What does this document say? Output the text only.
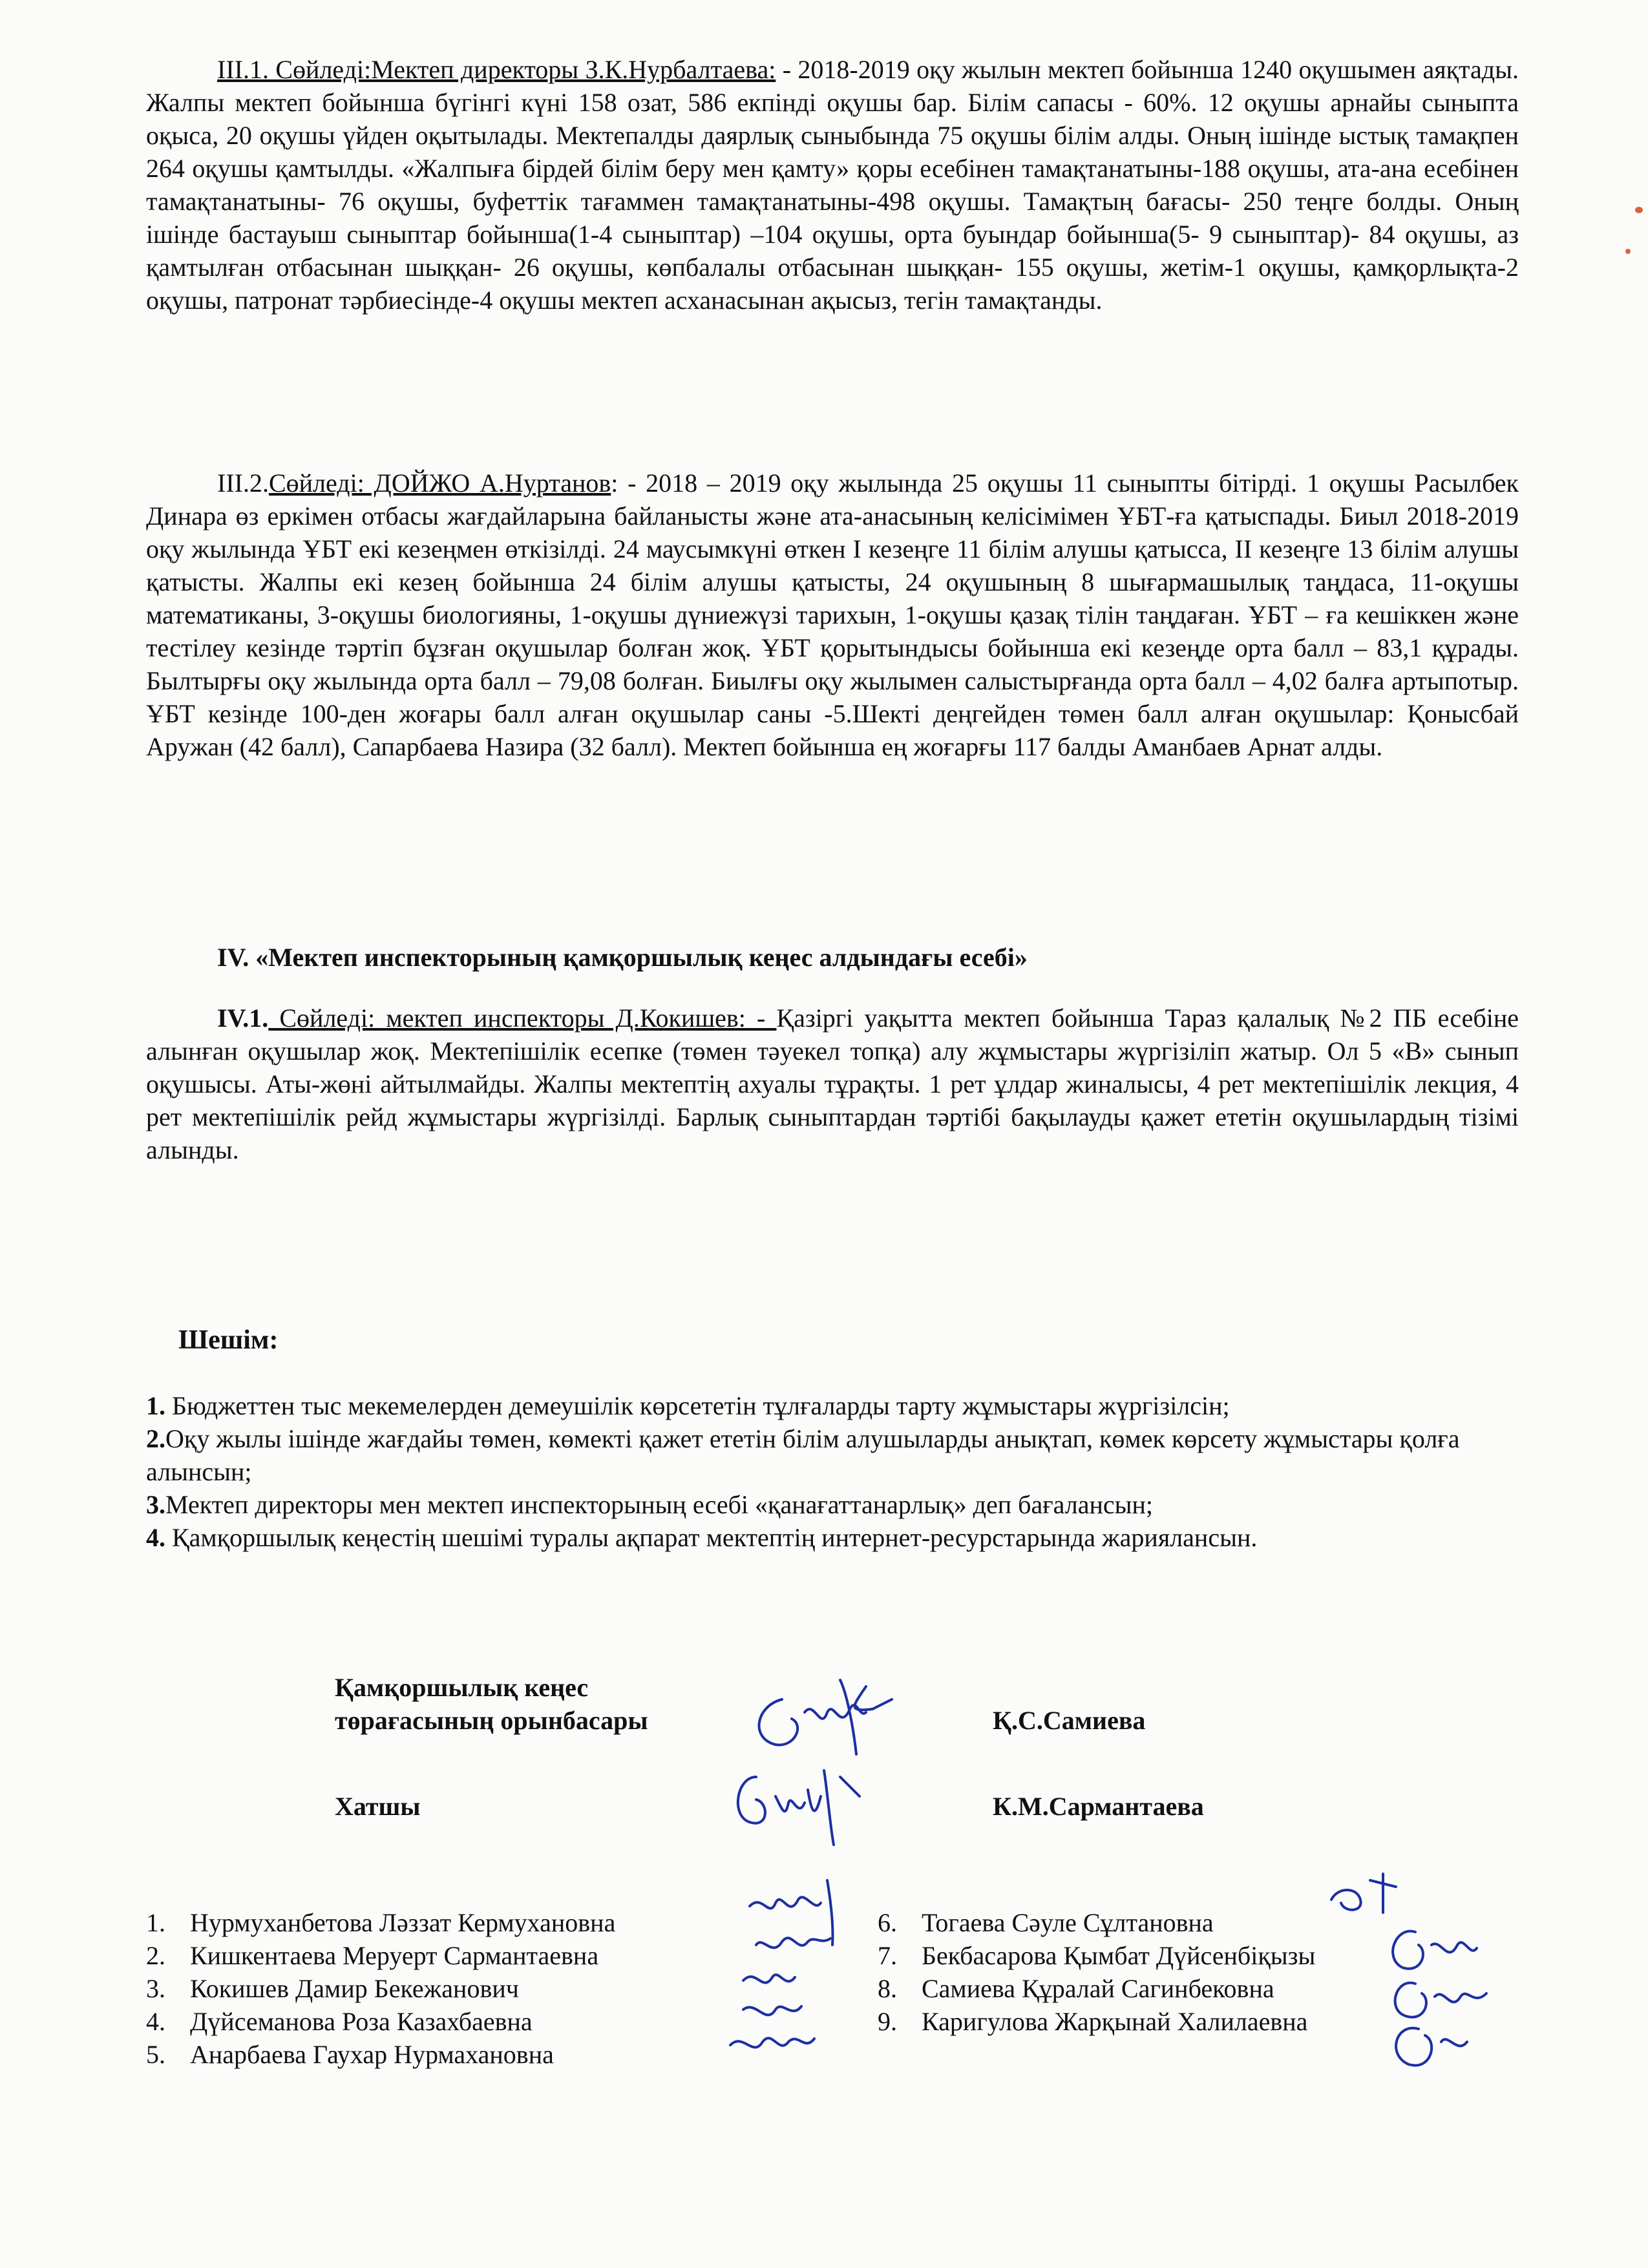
III.1. Сөйледі:Мектеп директоры З.К.Нурбалтаева: - 2018-2019 оқу жылын мектеп бойынша 1240 оқушымен аяқтады. Жалпы мектеп бойынша бүгінгі күні 158 озат, 586 екпінді оқушы бар. Білім сапасы - 60%. 12 оқушы арнайы сыныпта оқыса, 20 оқушы үйден оқытылады. Мектепалды даярлық сыныбында 75 оқушы білім алды. Оның ішінде ыстық тамақпен 264 оқушы қамтылды. «Жалпыға бірдей білім беру мен қамту» қоры есебінен тамақтанатыны-188 оқушы, ата-ана есебінен тамақтанатыны- 76 оқушы, буфеттік тағаммен тамақтанатыны-498 оқушы. Тамақтың бағасы- 250 теңге болды. Оның ішінде бастауыш сыныптар бойынша(1-4 сыныптар) –104 оқушы, орта буындар бойынша(5- 9 сыныптар)- 84 оқушы, аз қамтылған отбасынан шыққан- 26 оқушы, көпбалалы отбасынан шыққан- 155 оқушы, жетім-1 оқушы, қамқорлықта-2 оқушы, патронат тәрбиесінде-4 оқушы мектеп асханасынан ақысыз, тегін тамақтанды.

III.2.Сөйледі: ДОЙЖО А.Нуртанов: - 2018 – 2019 оқу жылында 25 оқушы 11 сыныпты бітірді. 1 оқушы Расылбек Динара өз еркімен отбасы жағдайларына байланысты және ата-анасының келісімімен ҰБТ-ға қатыспады. Биыл 2018-2019 оқу жылында ҰБТ екі кезеңмен өткізілді. 24 маусымкүні өткен I кезеңге 11 білім алушы қатысса, II кезеңге 13 білім алушы қатысты. Жалпы екі кезең бойынша 24 білім алушы қатысты, 24 оқушының 8 шығармашылық таңдаса, 11-оқушы математиканы, 3-оқушы биологияны, 1-оқушы дүниежүзі тарихын, 1-оқушы қазақ тілін таңдаған. ҰБТ – ға кешіккен және тестілеу кезінде тәртіп бұзған оқушылар болған жоқ. ҰБТ қорытындысы бойынша екі кезеңде орта балл – 83,1 құрады. Былтырғы оқу жылында орта балл – 79,08 болған. Биылғы оқу жылымен салыстырғанда орта балл – 4,02 балға артыпотыр. ҰБТ кезінде 100-ден жоғары балл алған оқушылар саны -5.Шекті деңгейден төмен балл алған оқушылар: Қонысбай Аружан (42 балл), Сапарбаева Назира (32 балл). Мектеп бойынша ең жоғарғы 117 балды Аманбаев Арнат алды.

IV. «Мектеп инспекторының қамқоршылық кеңес алдындағы есебі»

IV.1. Сөйледі: мектеп инспекторы Д.Кокишев: - Қазіргі уақытта мектеп бойынша Тараз қалалық №2 ПБ есебіне алынған оқушылар жоқ. Мектепішілік есепке (төмен тәуекел топқа) алу жұмыстары жүргізіліп жатыр. Ол 5 «В» сынып оқушысы. Аты-жөні айтылмайды. Жалпы мектептің ахуалы тұрақты. 1 рет ұлдар жиналысы, 4 рет мектепішілік лекция, 4 рет мектепішілік рейд жұмыстары жүргізілді. Барлық сыныптардан тәртібі бақылауды қажет ететін оқушылардың тізімі алынды.

Шешім:

1. Бюджеттен тыс мекемелерден демеушілік көрсететін тұлғаларды тарту жұмыстары жүргізілсін;
2.Оқу жылы ішінде жағдайы төмен, көмекті қажет ететін білім алушыларды анықтап, көмек көрсету жұмыстары қолға алынсын;
3.Мектеп директоры мен мектеп инспекторының есебі «қанағаттанарлық» деп бағалансын;
4. Қамқоршылық кеңестің шешімі туралы ақпарат мектептің интернет-ресурстарында жариялансын.
Қамқоршылық кеңес
төрағасының орынбасары	Қ.С.Самиева
Хатшы	К.М.Сармантаева
1. Нурмуханбетова Ләззат Кермухановна
2. Кишкентаева Меруерт Сармантаевна
3. Кокишев Дамир Бекежанович
4. Дүйсеманова Роза Казахбаевна
5. Анарбаева Гаухар Нурмахановна
6. Тогаева Сәуле Сұлтановна
7. Бекбасарова Қымбат Дүйсенбіқызы
8. Самиева Құралай Сагинбековна
9. Каригулова Жарқынай Халилаевна
